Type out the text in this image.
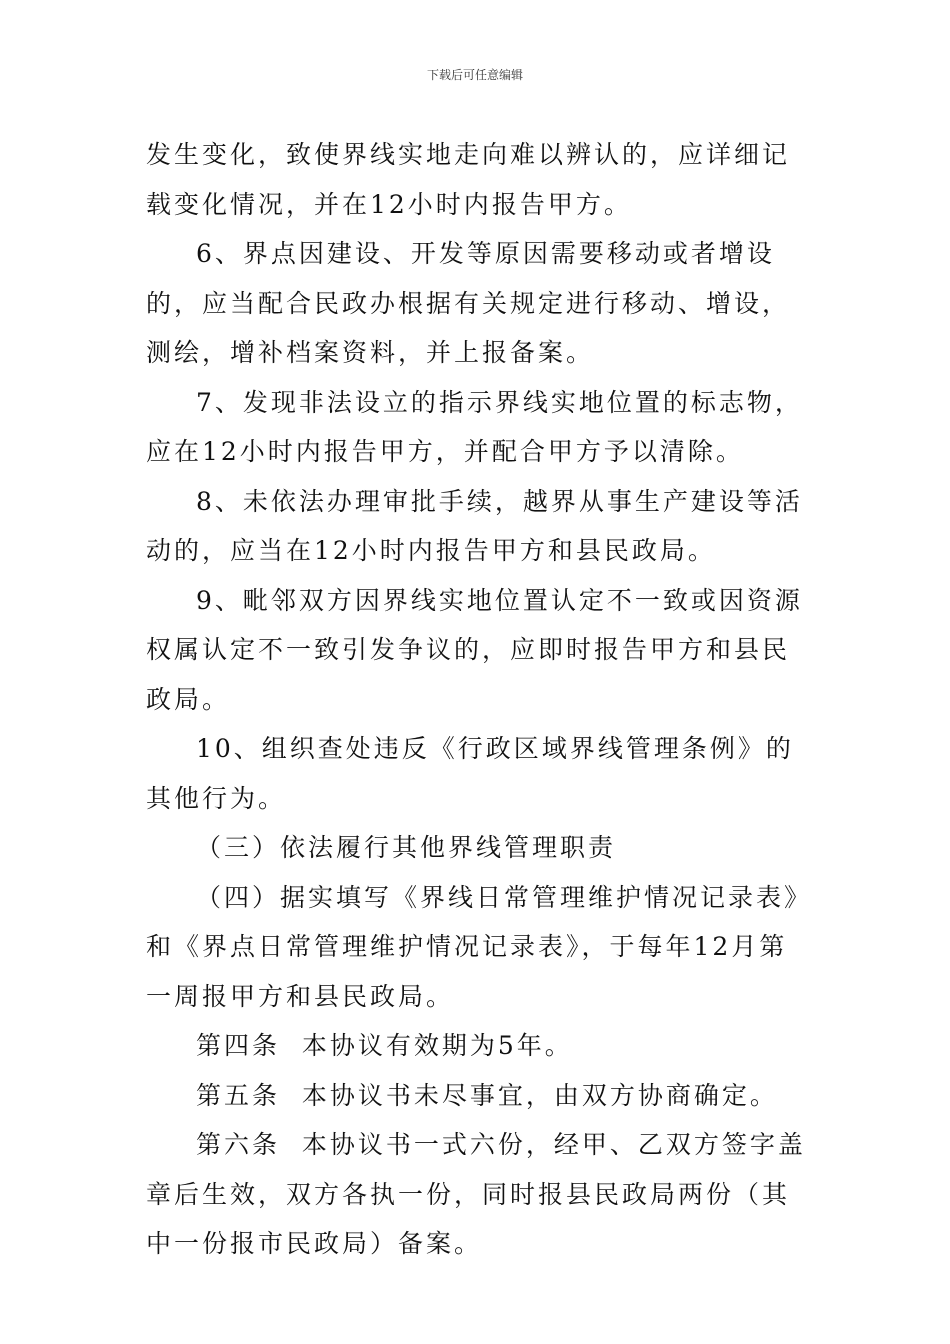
下载后可任意编辑

发生变化，致使界线实地走向难以辨认的，应详细记载变化情况，并在12小时内报告甲方。

6、界点因建设、开发等原因需要移动或者增设的，应当配合民政办根据有关规定进行移动、增设，测绘，增补档案资料，并上报备案。

7、发现非法设立的指示界线实地位置的标志物，应在12小时内报告甲方，并配合甲方予以清除。

8、未依法办理审批手续，越界从事生产建设等活动的，应当在12小时内报告甲方和县民政局。

9、毗邻双方因界线实地位置认定不一致或因资源权属认定不一致引发争议的，应即时报告甲方和县民政局。

10、组织查处违反《行政区域界线管理条例》的其他行为。

（三）依法履行其他界线管理职责

（四）据实填写《界线日常管理维护情况记录表》和《界点日常管理维护情况记录表》，于每年12月第一周报甲方和县民政局。

第四条  本协议有效期为5年。

第五条  本协议书未尽事宜，由双方协商确定。

第六条  本协议书一式六份，经甲、乙双方签字盖章后生效，双方各执一份，同时报县民政局两份（其中一份报市民政局）备案。
